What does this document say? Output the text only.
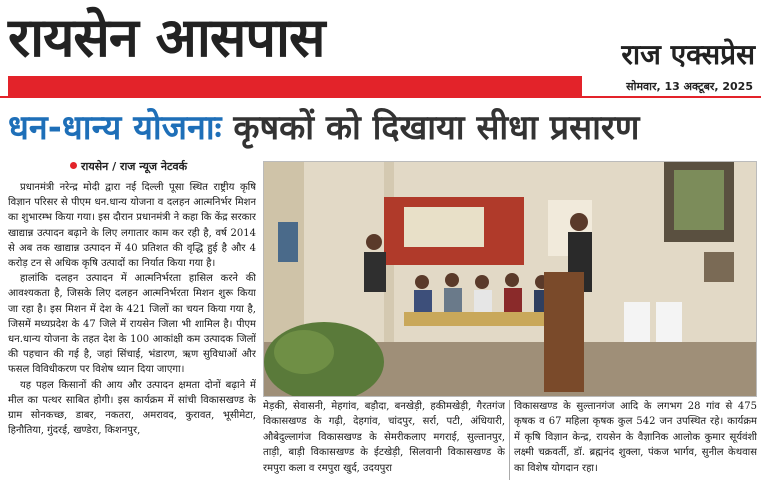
रायसेन आसपास	राज एक्सप्रेस
सोमवार, 13 अक्टूबर, 2025
धन-धान्य योजनाः कृषकों को दिखाया सीधा प्रसारण
रायसेन / राज न्यूज नेटवर्क

प्रधानमंत्री नरेन्द्र मोदी द्वारा नई दिल्ली पूसा स्थित राष्ट्रीय कृषि विज्ञान परिसर से पीएम धन.धान्य योजना व दलहन आत्मनिर्भर मिशन का शुभारम्भ किया गया। इस दौरान प्रधानमंत्री ने कहा कि केंद्र सरकार खाद्यान्न उत्पादन बढ़ाने के लिए लगातार काम कर रही है, वर्ष 2014 से अब तक खाद्यान्न उत्पादन में 40 प्रतिशत की वृद्धि हुई है और 4 करोड़ टन से अधिक कृषि उत्पादों का निर्यात किया गया है।

हालांकि दलहन उत्पादन में आत्मनिर्भरता हासिल करने की आवश्यकता है, जिसके लिए दलहन आत्मनिर्भरता मिशन शुरू किया जा रहा है। इस मिशन में देश के 421 जिलों का चयन किया गया है, जिसमें मध्यप्रदेश के 47 जिले में रायसेन जिला भी शामिल है। पीएम धन.धान्य योजना के तहत देश के 100 आकांक्षी कम उत्पादक जिलों की पहचान की गई है, जहां सिंचाई, भंडारण, ऋण सुविधाओं और फसल विविधीकरण पर विशेष ध्यान दिया जाएगा।

यह पहल किसानों की आय और उत्पादन क्षमता दोनों बढ़ाने में मील का पत्थर साबित होगी। इस कार्यक्रम में सांची विकासखण्ड के ग्राम सोनकच्छ, डाबर, नकतरा, अमरावद, कुरावत, भूसीमेटा, हिनौतिया, गुंदरई, खण्डेरा, किशनपुर,

मेड़की, सेवासनी, मेहगांव, बड़ौदा, बनखेड़ी, हकीमखेड़ी, गैरतगंज विकासखण्ड के गढ़ी, देहगांव, चांदपुर, सर्रा, पटी, अंधियारी, औबेदुल्लागंज विकासखण्ड के सेमरीकलाए मगराई, सुल्तानपुर, ताड़ी, बाड़ी विकासखण्ड के ईटखेड़ी, सिलवानी विकासखण्ड के रमपुरा कला व रमपुरा खुर्द, उदयपुरा
विकासखण्ड के सुल्तानगंज आदि के लगभग 28 गांव से 475 कृषक व 67 महिला कृषक कुल 542 जन उपस्थित रहे। कार्यक्रम में कृषि विज्ञान केन्द्र, रायसेन के वैज्ञानिक आलोक कुमार सूर्यवंशी लक्ष्मी चक्रवर्ती, डॉ. ब्रह्मनंद शुक्ला, पंकज भार्गव, सुनील केथवास का विशेष योगदान रहा।
